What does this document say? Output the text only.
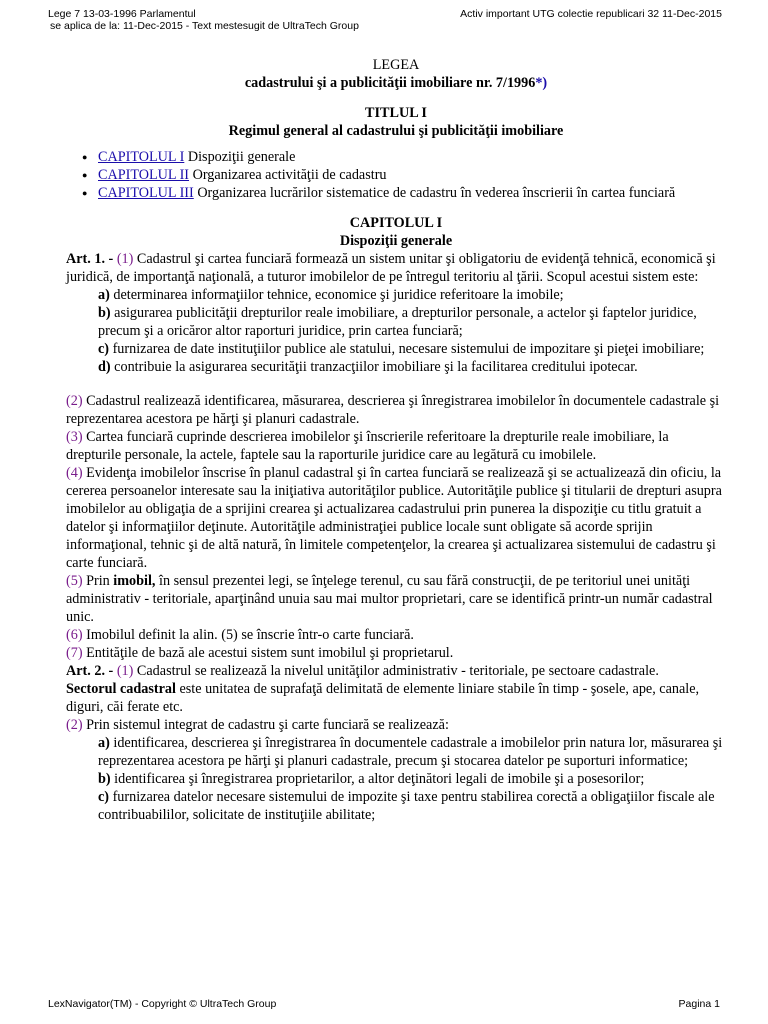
Lege 7 13-03-1996 Parlamentul
se aplica de la: 11-Dec-2015 - Text mestesugit de UltraTech Group
Activ important UTG colectie republicari 32 11-Dec-2015
LEGEA
cadastrului şi a publicităţii imobiliare nr. 7/1996*)
TITLUL I
Regimul general al cadastrului şi publicităţii imobiliare
● CAPITOLUL I Dispoziţii generale
● CAPITOLUL II Organizarea activităţii de cadastru
● CAPITOLUL III Organizarea lucrărilor sistematice de cadastru în vederea înscrierii în cartea funciară
CAPITOLUL I
Dispoziţii generale

Art. 1. - (1) Cadastrul şi cartea funciară formează un sistem unitar şi obligatoriu de evidenţă tehnică, economică şi juridică, de importanţă naţională, a tuturor imobilelor de pe întregul teritoriu al ţării. Scopul acestui sistem este:

a) determinarea informaţiilor tehnice, economice şi juridice referitoare la imobile;
b) asigurarea publicităţii drepturilor reale imobiliare, a drepturilor personale, a actelor şi faptelor juridice, precum şi a oricăror altor raporturi juridice, prin cartea funciară;
c) furnizarea de date instituţiilor publice ale statului, necesare sistemului de impozitare şi pieţei imobiliare;
d) contribuie la asigurarea securităţii tranzacţiilor imobiliare şi la facilitarea creditului ipotecar.

(2) Cadastrul realizează identificarea, măsurarea, descrierea şi înregistrarea imobilelor în documentele cadastrale şi reprezentarea acestora pe hărţi şi planuri cadastrale.

(3) Cartea funciară cuprinde descrierea imobilelor şi înscrierile referitoare la drepturile reale imobiliare, la drepturile personale, la actele, faptele sau la raporturile juridice care au legătură cu imobilele.

(4) Evidenţa imobilelor înscrise în planul cadastral şi în cartea funciară se realizează şi se actualizează din oficiu, la cererea persoanelor interesate sau la iniţiativa autorităţilor publice. Autorităţile publice şi titularii de drepturi asupra imobilelor au obligaţia de a sprijini crearea şi actualizarea cadastrului prin punerea la dispoziţie cu titlu gratuit a datelor şi informaţiilor deţinute. Autorităţile administraţiei publice locale sunt obligate să acorde sprijin informaţional, tehnic şi de altă natură, în limitele competenţelor, la crearea şi actualizarea sistemului de cadastru şi carte funciară.

(5) Prin imobil, în sensul prezentei legi, se înţelege terenul, cu sau fără construcţii, de pe teritoriul unei unităţi administrativ - teritoriale, aparţinând unuia sau mai multor proprietari, care se identifică printr-un număr cadastral unic.

(6) Imobilul definit la alin. (5) se înscrie într-o carte funciară.

(7) Entităţile de bază ale acestui sistem sunt imobilul şi proprietarul.

Art. 2. - (1) Cadastrul se realizează la nivelul unităţilor administrativ - teritoriale, pe sectoare cadastrale.
Sectorul cadastral este unitatea de suprafaţă delimitată de elemente liniare stabile în timp - şosele, ape, canale, diguri, căi ferate etc.

(2) Prin sistemul integrat de cadastru şi carte funciară se realizează:

a) identificarea, descrierea şi înregistrarea în documentele cadastrale a imobilelor prin natura lor, măsurarea şi reprezentarea acestora pe hărţi şi planuri cadastrale, precum şi stocarea datelor pe suporturi informatice;
b) identificarea şi înregistrarea proprietarilor, a altor deţinători legali de imobile şi a posesorilor;
c) furnizarea datelor necesare sistemului de impozite şi taxe pentru stabilirea corectă a obligaţiilor fiscale ale contribuabililor, solicitate de instituţiile abilitate;
LexNavigator(TM) - Copyright © UltraTech Group	Pagina 1
